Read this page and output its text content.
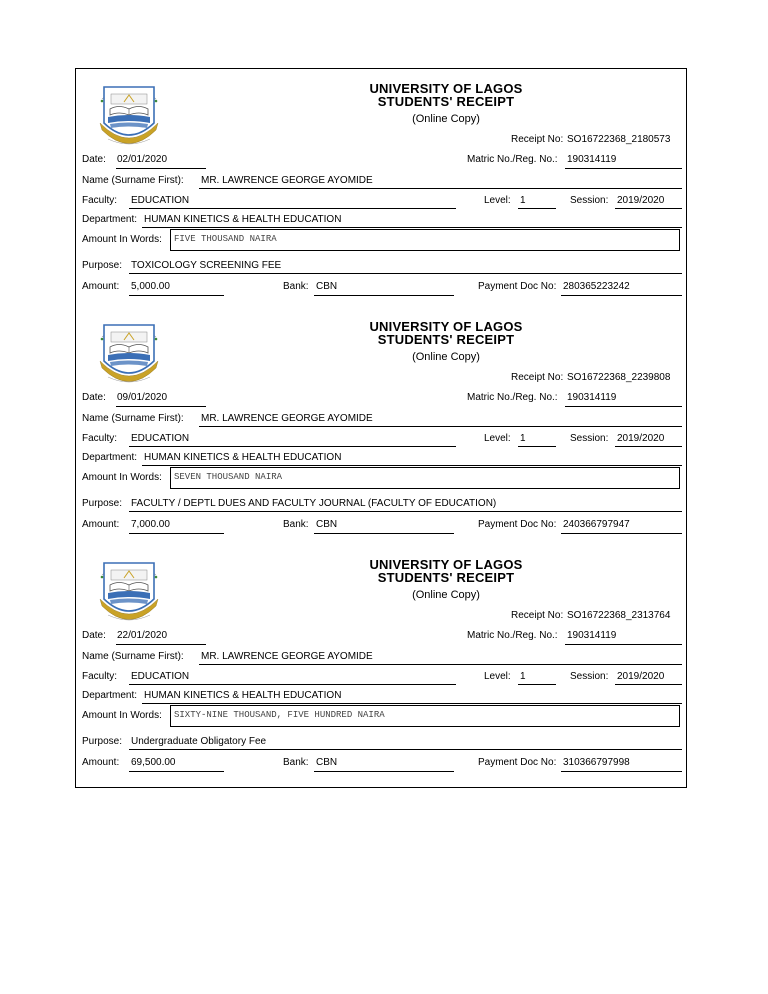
UNIVERSITY OF LAGOS
STUDENTS' RECEIPT
(Online Copy)
Receipt No: SO16722368_2180573
Date: 02/01/2020	Matric No./Reg. No.: 190314119
Name (Surname First): MR. LAWRENCE GEORGE AYOMIDE
Faculty: EDUCATION	Level: 1	Session: 2019/2020
Department: HUMAN KINETICS & HEALTH EDUCATION
Amount In Words: FIVE THOUSAND NAIRA
Purpose: TOXICOLOGY SCREENING FEE
Amount: 5,000.00	Bank: CBN	Payment Doc No: 280365223242
UNIVERSITY OF LAGOS
STUDENTS' RECEIPT
(Online Copy)
Receipt No: SO16722368_2239808
Date: 09/01/2020	Matric No./Reg. No.: 190314119
Name (Surname First): MR. LAWRENCE GEORGE AYOMIDE
Faculty: EDUCATION	Level: 1	Session: 2019/2020
Department: HUMAN KINETICS & HEALTH EDUCATION
Amount In Words: SEVEN THOUSAND NAIRA
Purpose: FACULTY / DEPTL DUES AND FACULTY JOURNAL (FACULTY OF EDUCATION)
Amount: 7,000.00	Bank: CBN	Payment Doc No: 240366797947
UNIVERSITY OF LAGOS
STUDENTS' RECEIPT
(Online Copy)
Receipt No: SO16722368_2313764
Date: 22/01/2020	Matric No./Reg. No.: 190314119
Name (Surname First): MR. LAWRENCE GEORGE AYOMIDE
Faculty: EDUCATION	Level: 1	Session: 2019/2020
Department: HUMAN KINETICS & HEALTH EDUCATION
Amount In Words: SIXTY-NINE THOUSAND, FIVE HUNDRED NAIRA
Purpose: Undergraduate Obligatory Fee
Amount: 69,500.00	Bank: CBN	Payment Doc No: 310366797998
